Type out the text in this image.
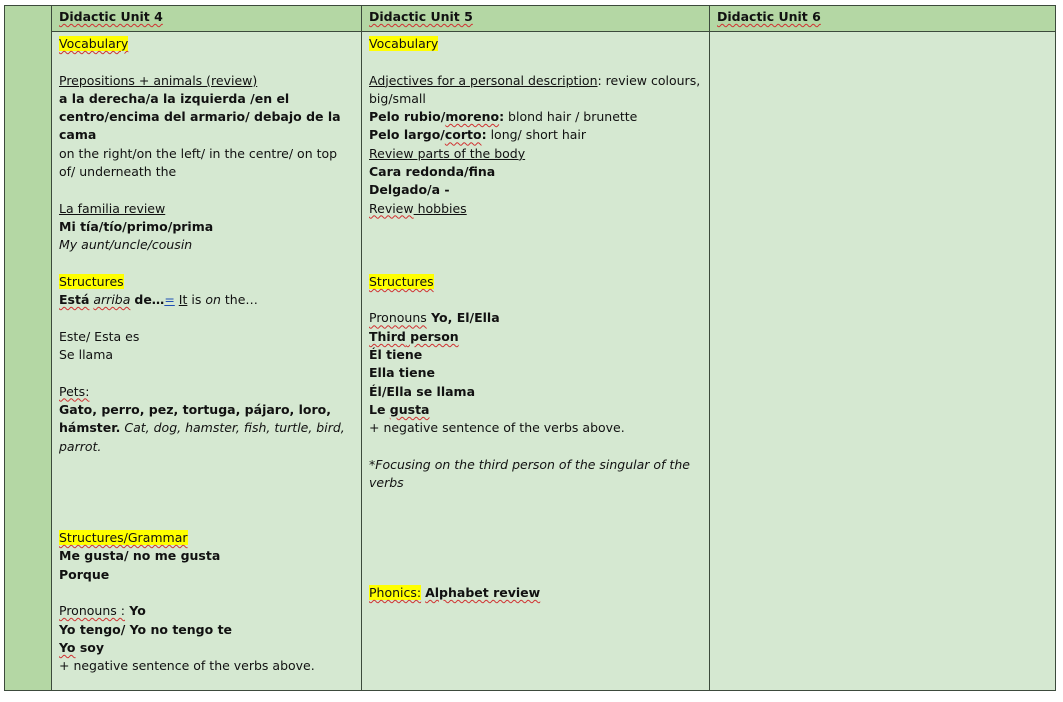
Didactic Unit 4

Vocabulary

Prepositions + animals (review)

a la derecha/a la izquierda /en el centro/encima del armario/ debajo de la cama

on the right/on the left/ in the centre/ on top of/ underneath the

La familia review

Mi tía/tío/primo/prima

My aunt/uncle/cousin

Structures

Está arriba de…= It is on the…

Este/ Esta es

Se llama

Pets:

Gato, perro, pez, tortuga, pájaro, loro, hámster. Cat, dog, hamster, fish, turtle, bird, parrot.

Structures/Grammar

Me gusta/ no me gusta

Porque

Pronouns : Yo

Yo tengo/ Yo no tengo te

Yo soy

+ negative sentence of the verbs above.

Didactic Unit 5

Vocabulary

Adjectives for a personal description: review colours, big/small

Pelo rubio/moreno: blond hair / brunette

Pelo largo/corto: long/ short hair

Review parts of the body

Cara redonda/fina

Delgado/a -

Review hobbies

Structures

Pronouns Yo, El/Ella

Third person

Él tiene

Ella tiene

Él/Ella se llama

Le gusta

+ negative sentence of the verbs above.

*Focusing on the third person of the singular of the verbs

Phonics: Alphabet review

Didactic Unit 6
